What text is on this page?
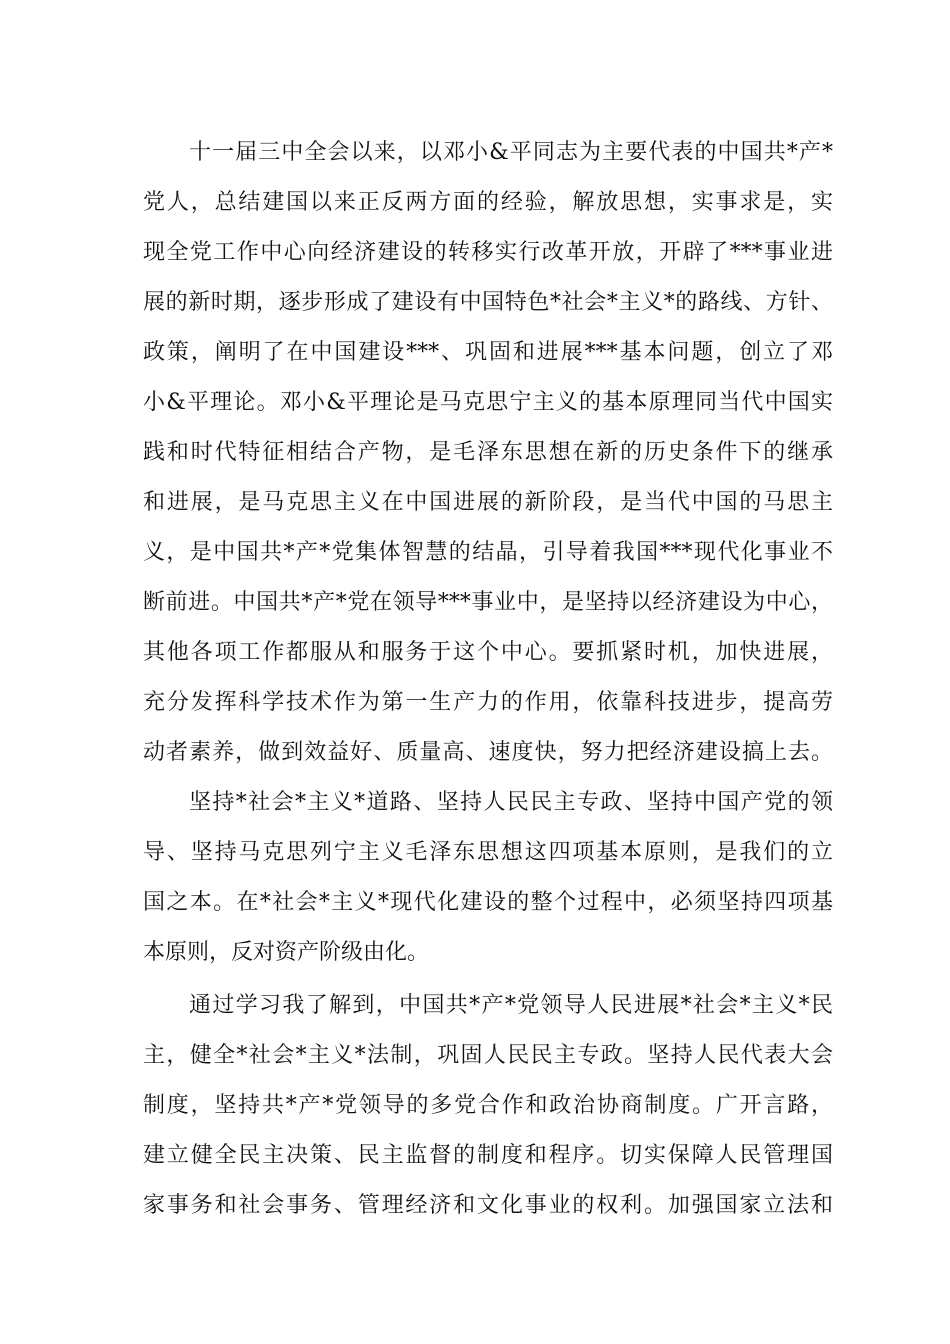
十一届三中全会以来，以邓小&平同志为主要代表的中国共*产*
党人，总结建国以来正反两方面的经验，解放思想，实事求是，实
现全党工作中心向经济建设的转移实行改革开放，开辟了***事业进
展的新时期，逐步形成了建设有中国特色*社会*主义*的路线、方针、
政策，阐明了在中国建设***、巩固和进展***基本问题，创立了邓
小&平理论。邓小&平理论是马克思宁主义的基本原理同当代中国实
践和时代特征相结合产物，是毛泽东思想在新的历史条件下的继承
和进展，是马克思主义在中国进展的新阶段，是当代中国的马思主
义，是中国共*产*党集体智慧的结晶，引导着我国***现代化事业不
断前进。中国共*产*党在领导***事业中，是坚持以经济建设为中心，
其他各项工作都服从和服务于这个中心。要抓紧时机，加快进展，
充分发挥科学技术作为第一生产力的作用，依靠科技进步，提高劳
动者素养，做到效益好、质量高、速度快，努力把经济建设搞上去。
坚持*社会*主义*道路、坚持人民民主专政、坚持中国产党的领
导、坚持马克思列宁主义毛泽东思想这四项基本原则，是我们的立
国之本。在*社会*主义*现代化建设的整个过程中，必须坚持四项基
本原则，反对资产阶级由化。
通过学习我了解到，中国共*产*党领导人民进展*社会*主义*民
主，健全*社会*主义*法制，巩固人民民主专政。坚持人民代表大会
制度，坚持共*产*党领导的多党合作和政治协商制度。广开言路，
建立健全民主决策、民主监督的制度和程序。切实保障人民管理国
家事务和社会事务、管理经济和文化事业的权利。加强国家立法和
